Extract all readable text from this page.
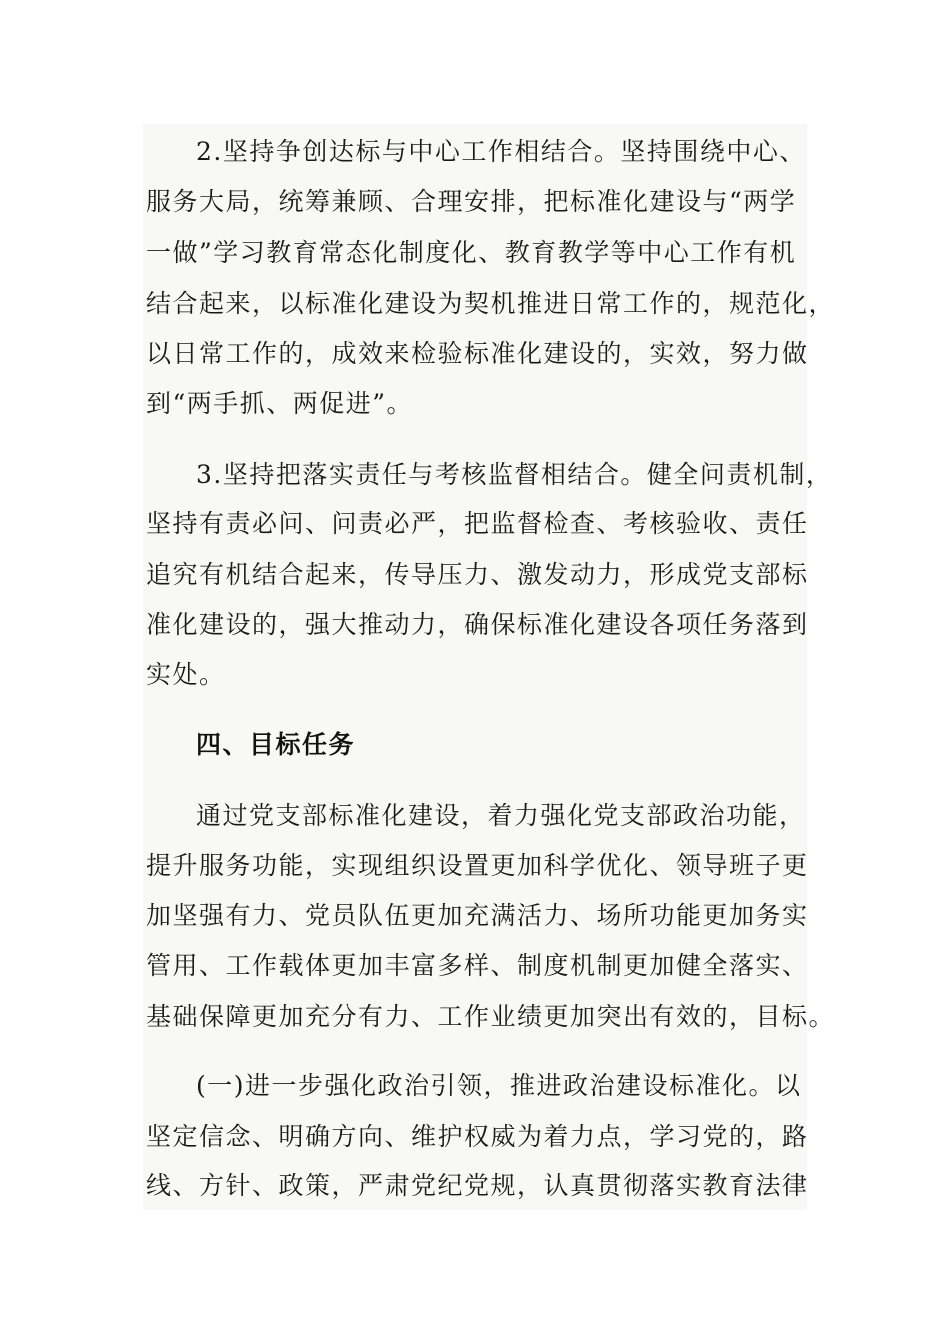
2.坚持争创达标与中心工作相结合。坚持围绕中心、
服务大局，统筹兼顾、合理安排，把标准化建设与“两学
一做”学习教育常态化制度化、教育教学等中心工作有机
结合起来，以标准化建设为契机推进日常工作的，规范化，
以日常工作的，成效来检验标准化建设的，实效，努力做
到“两手抓、两促进”。
3.坚持把落实责任与考核监督相结合。健全问责机制，
坚持有责必问、问责必严，把监督检查、考核验收、责任
追究有机结合起来，传导压力、激发动力，形成党支部标
准化建设的，强大推动力，确保标准化建设各项任务落到
实处。
四、目标任务
通过党支部标准化建设，着力强化党支部政治功能，
提升服务功能，实现组织设置更加科学优化、领导班子更
加坚强有力、党员队伍更加充满活力、场所功能更加务实
管用、工作载体更加丰富多样、制度机制更加健全落实、
基础保障更加充分有力、工作业绩更加突出有效的，目标。
(一)进一步强化政治引领，推进政治建设标准化。以
坚定信念、明确方向、维护权威为着力点，学习党的，路
线、方针、政策，严肃党纪党规，认真贯彻落实教育法律
